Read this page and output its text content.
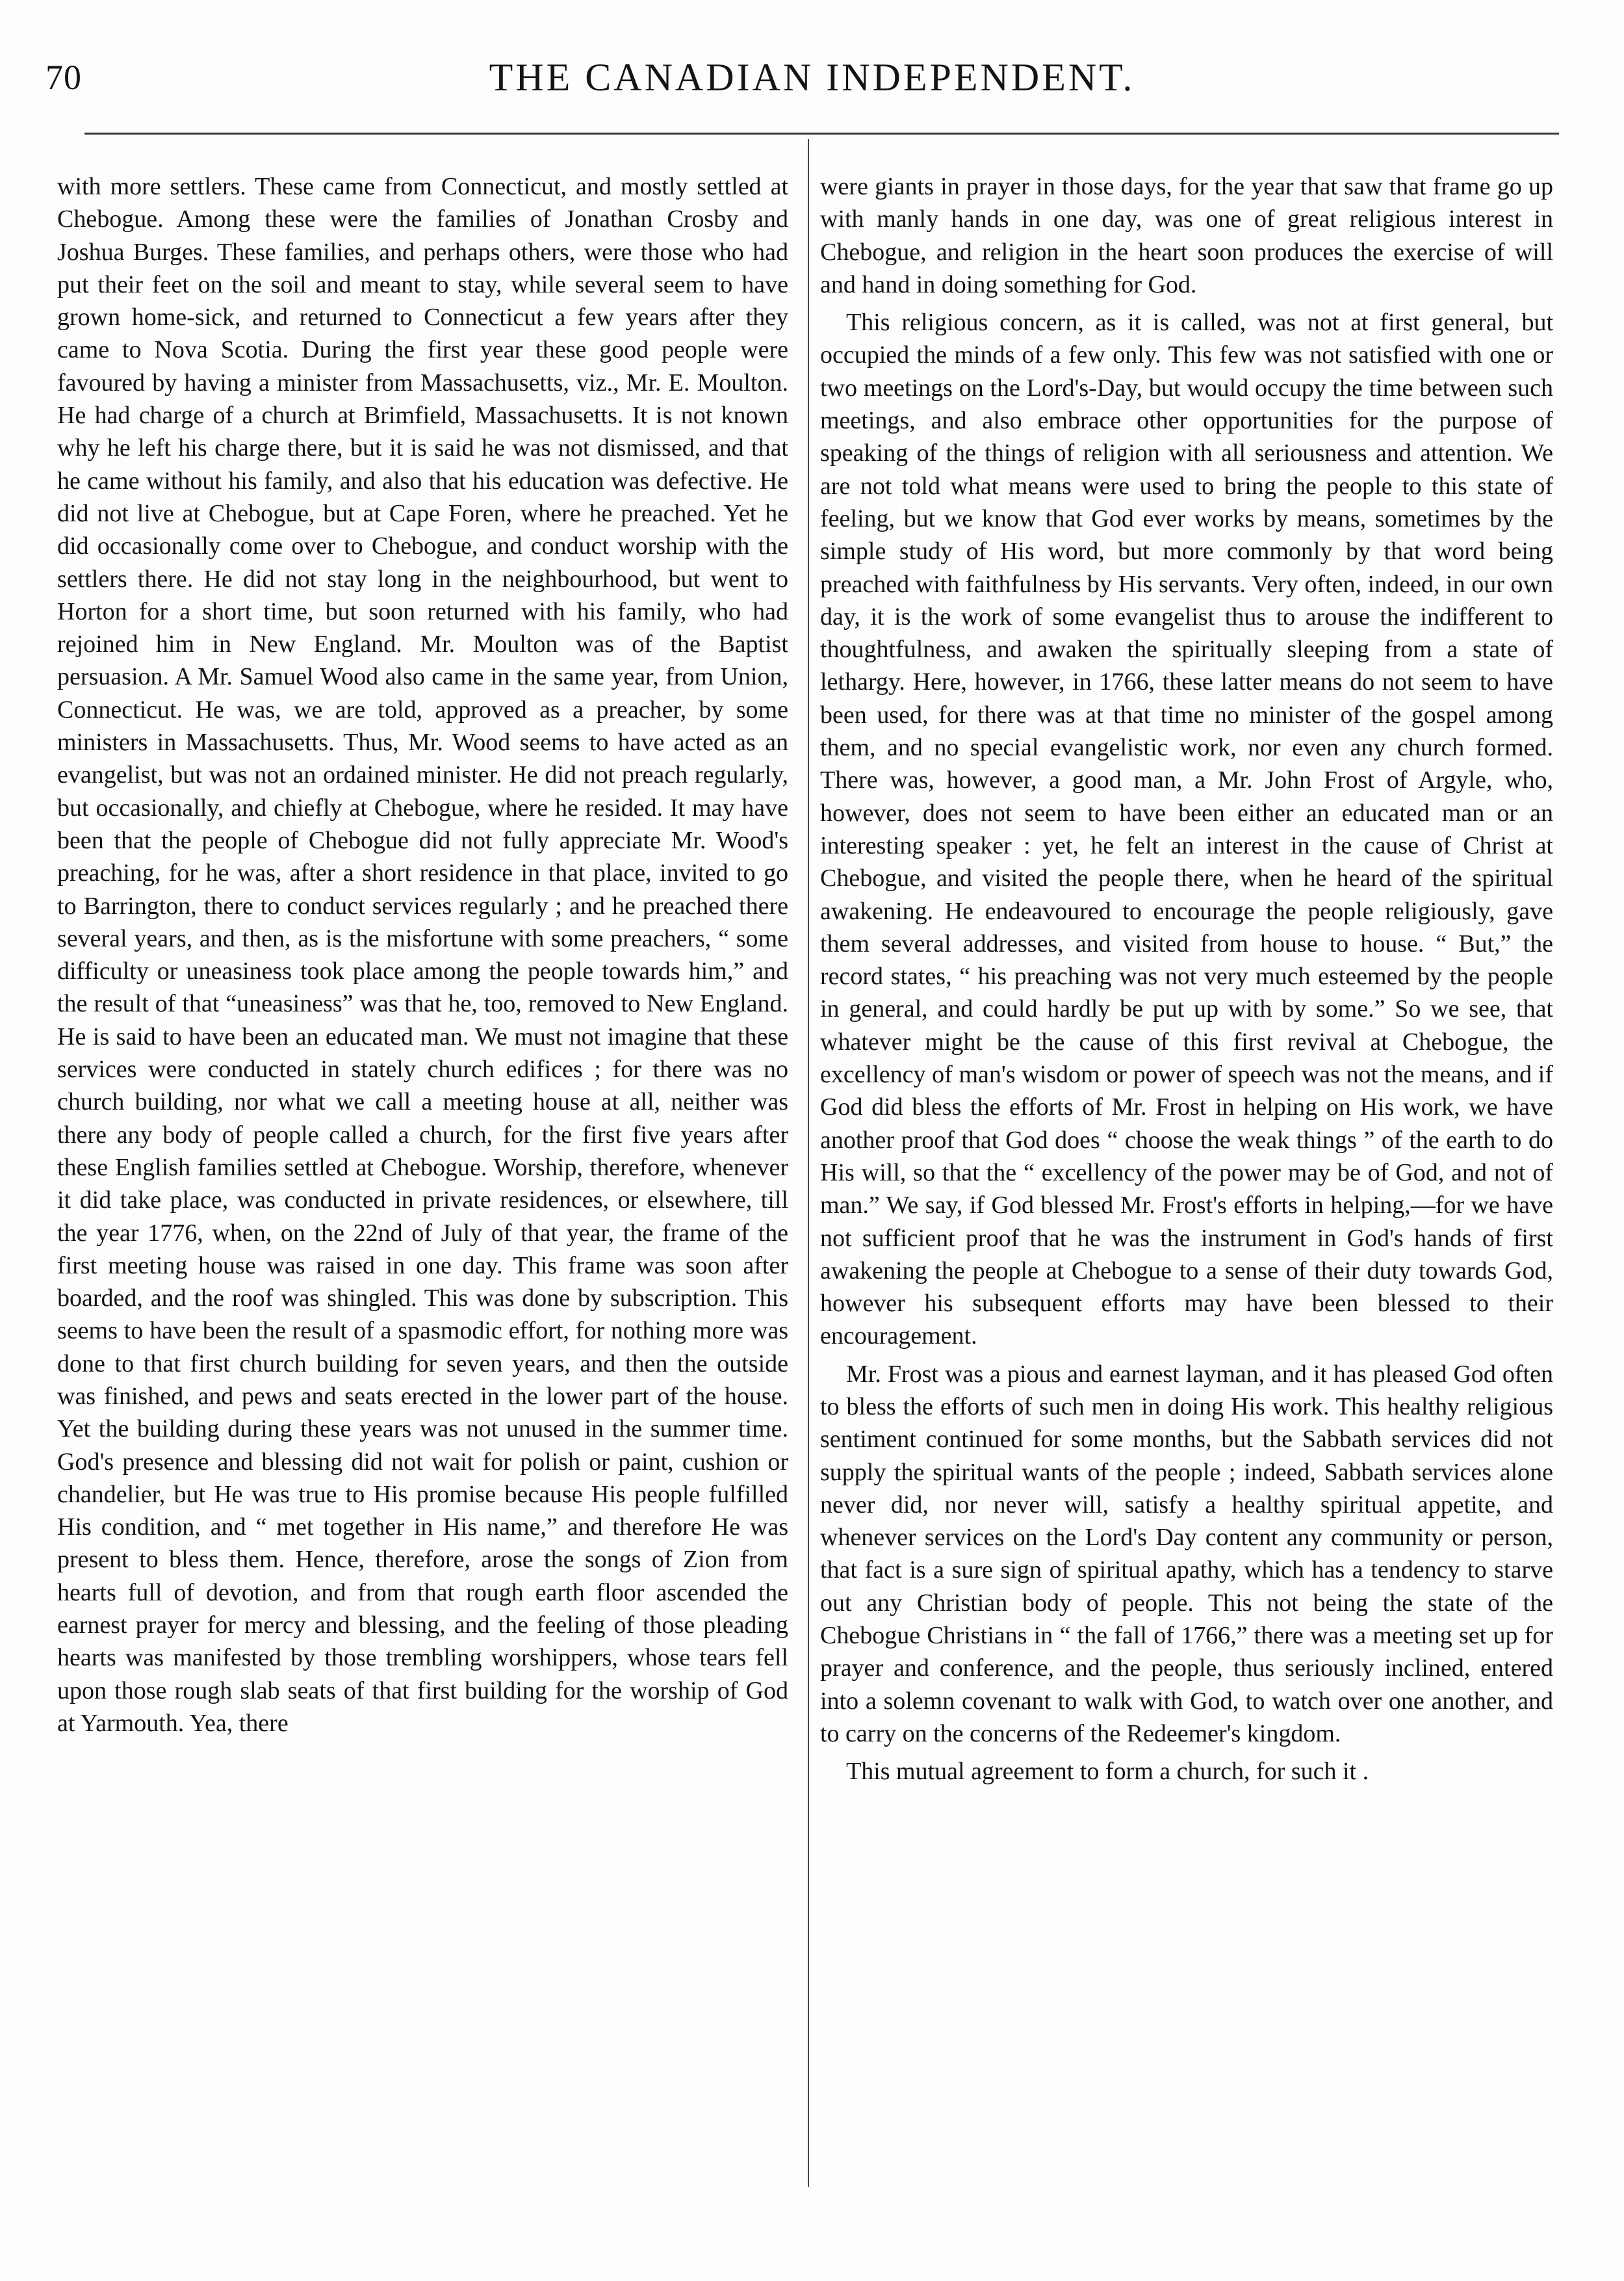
70	THE CANADIAN INDEPENDENT.

with more settlers. These came from Connecticut, and mostly settled at Chebogue. Among these were the families of Jonathan Crosby and Joshua Burges. These families, and perhaps others, were those who had put their feet on the soil and meant to stay, while several seem to have grown home-sick, and returned to Connecticut a few years after they came to Nova Scotia. During the first year these good people were favoured by having a minister from Massachusetts, viz., Mr. E. Moulton. He had charge of a church at Brimfield, Massachusetts. It is not known why he left his charge there, but it is said he was not dismissed, and that he came without his family, and also that his education was defective. He did not live at Chebogue, but at Cape Foren, where he preached. Yet he did occasionally come over to Chebogue, and conduct worship with the settlers there. He did not stay long in the neighbourhood, but went to Horton for a short time, but soon returned with his family, who had rejoined him in New England. Mr. Moulton was of the Baptist persuasion. A Mr. Samuel Wood also came in the same year, from Union, Connecticut. He was, we are told, approved as a preacher, by some ministers in Massachusetts. Thus, Mr. Wood seems to have acted as an evangelist, but was not an ordained minister. He did not preach regularly, but occasionally, and chiefly at Chebogue, where he resided. It may have been that the people of Chebogue did not fully appreciate Mr. Wood's preaching, for he was, after a short residence in that place, invited to go to Barrington, there to conduct services regularly ; and he preached there several years, and then, as is the misfortune with some preachers, “ some difficulty or uneasiness took place among the people towards him,” and the result of that “uneasiness” was that he, too, removed to New England. He is said to have been an educated man. We must not imagine that these services were conducted in stately church edifices ; for there was no church building, nor what we call a meeting house at all, neither was there any body of people called a church, for the first five years after these English families settled at Chebogue. Worship, therefore, whenever it did take place, was conducted in private residences, or elsewhere, till the year 1776, when, on the 22nd of July of that year, the frame of the first meeting house was raised in one day. This frame was soon after boarded, and the roof was shingled. This was done by subscription. This seems to have been the result of a spasmodic effort, for nothing more was done to that first church building for seven years, and then the outside was finished, and pews and seats erected in the lower part of the house. Yet the building during these years was not unused in the summer time. God's presence and blessing did not wait for polish or paint, cushion or chandelier, but He was true to His promise because His people fulfilled His condition, and “ met together in His name,” and therefore He was present to bless them. Hence, therefore, arose the songs of Zion from hearts full of devotion, and from that rough earth floor ascended the earnest prayer for mercy and blessing, and the feeling of those pleading hearts was manifested by those trembling worshippers, whose tears fell upon those rough slab seats of that first building for the worship of God at Yarmouth. Yea, there

were giants in prayer in those days, for the year that saw that frame go up with manly hands in one day, was one of great religious interest in Chebogue, and religion in the heart soon produces the exercise of will and hand in doing something for God.

This religious concern, as it is called, was not at first general, but occupied the minds of a few only. This few was not satisfied with one or two meetings on the Lord's-Day, but would occupy the time between such meetings, and also embrace other opportunities for the purpose of speaking of the things of religion with all seriousness and attention. We are not told what means were used to bring the people to this state of feeling, but we know that God ever works by means, sometimes by the simple study of His word, but more commonly by that word being preached with faithfulness by His servants. Very often, indeed, in our own day, it is the work of some evangelist thus to arouse the indifferent to thoughtfulness, and awaken the spiritually sleeping from a state of lethargy. Here, however, in 1766, these latter means do not seem to have been used, for there was at that time no minister of the gospel among them, and no special evangelistic work, nor even any church formed. There was, however, a good man, a Mr. John Frost of Argyle, who, however, does not seem to have been either an educated man or an interesting speaker : yet, he felt an interest in the cause of Christ at Chebogue, and visited the people there, when he heard of the spiritual awakening. He endeavoured to encourage the people religiously, gave them several addresses, and visited from house to house. “ But,” the record states, “ his preaching was not very much esteemed by the people in general, and could hardly be put up with by some.” So we see, that whatever might be the cause of this first revival at Chebogue, the excellency of man's wisdom or power of speech was not the means, and if God did bless the efforts of Mr. Frost in helping on His work, we have another proof that God does “ choose the weak things ” of the earth to do His will, so that the “ excellency of the power may be of God, and not of man.” We say, if God blessed Mr. Frost's efforts in helping,—for we have not sufficient proof that he was the instrument in God's hands of first awakening the people at Chebogue to a sense of their duty towards God, however his subsequent efforts may have been blessed to their encouragement.

Mr. Frost was a pious and earnest layman, and it has pleased God often to bless the efforts of such men in doing His work. This healthy religious sentiment continued for some months, but the Sabbath services did not supply the spiritual wants of the people ; indeed, Sabbath services alone never did, nor never will, satisfy a healthy spiritual appetite, and whenever services on the Lord's Day content any community or person, that fact is a sure sign of spiritual apathy, which has a tendency to starve out any Christian body of people. This not being the state of the Chebogue Christians in “ the fall of 1766,” there was a meeting set up for prayer and conference, and the people, thus seriously inclined, entered into a solemn covenant to walk with God, to watch over one another, and to carry on the concerns of the Redeemer's kingdom.

This mutual agreement to form a church, for such it .
